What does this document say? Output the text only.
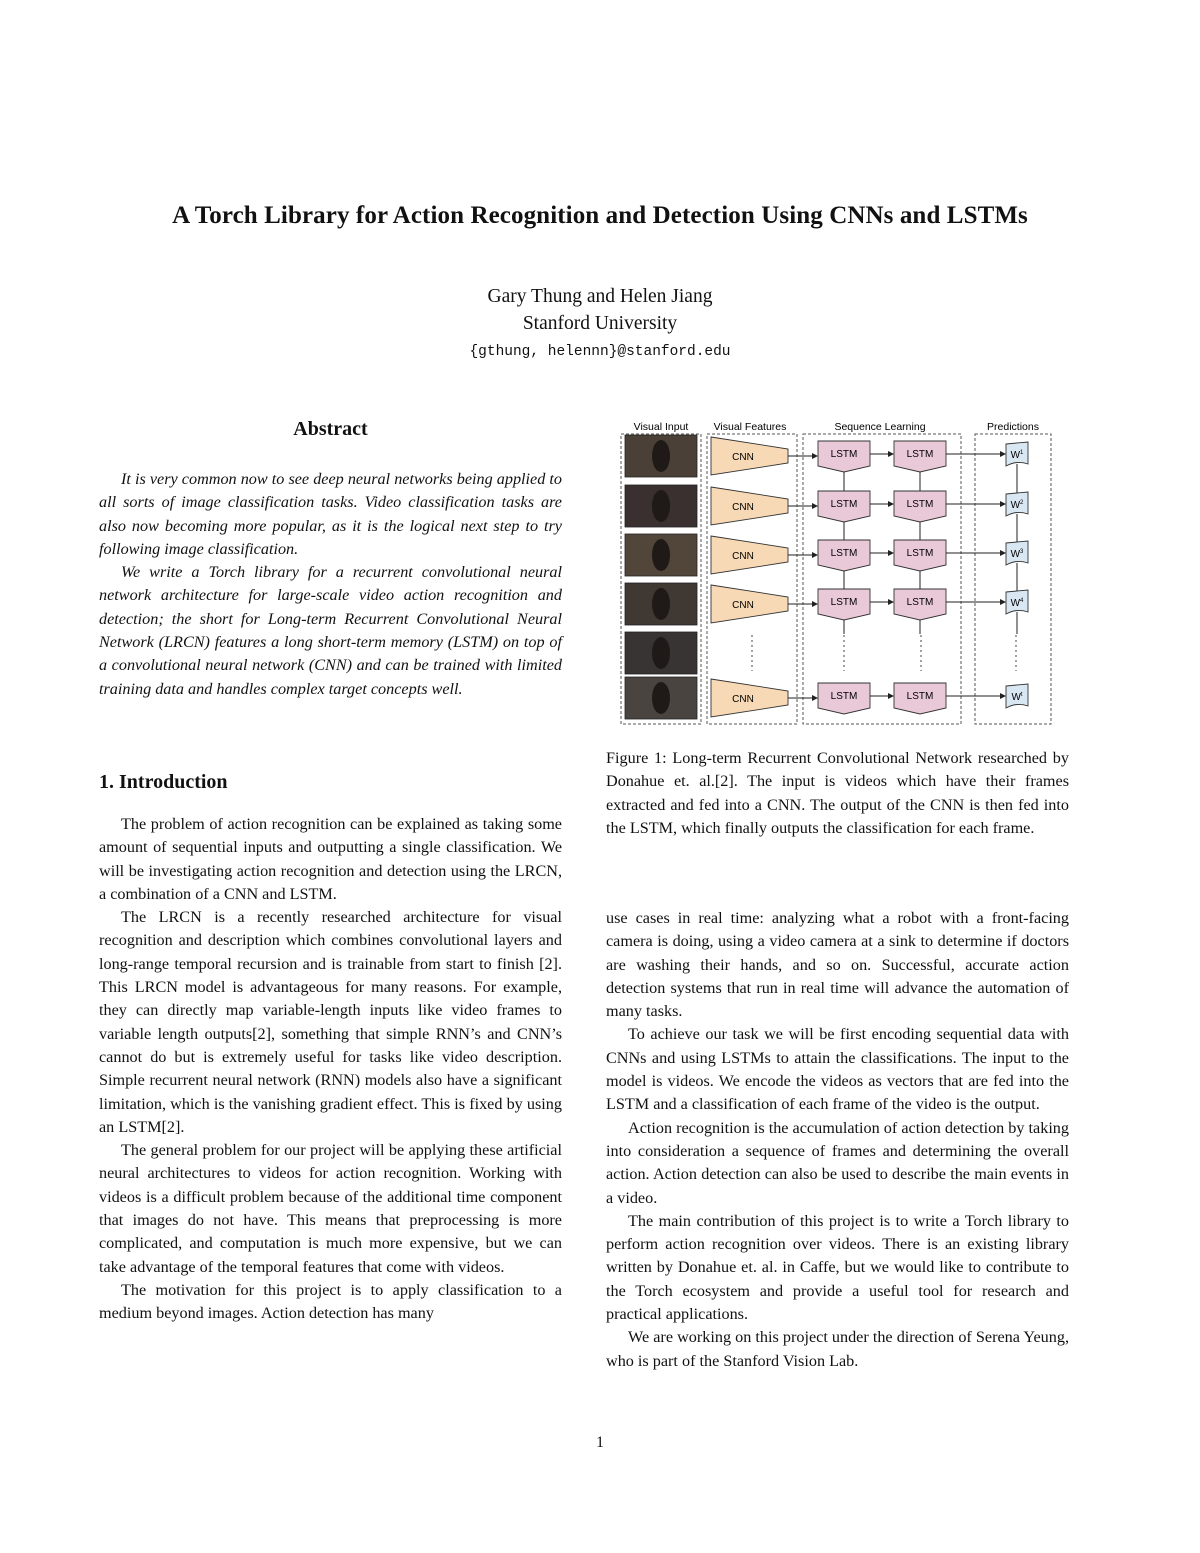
A Torch Library for Action Recognition and Detection Using CNNs and LSTMs
Gary Thung and Helen Jiang
Stanford University
{gthung, helennn}@stanford.edu
Abstract

It is very common now to see deep neural networks being applied to all sorts of image classification tasks. Video classification tasks are also now becoming more popular, as it is the logical next step to try following image classification.

We write a Torch library for a recurrent convolutional neural network architecture for large-scale video action recognition and detection; the short for Long-term Recurrent Convolutional Neural Network (LRCN) features a long short-term memory (LSTM) on top of a convolutional neural network (CNN) and can be trained with limited training data and handles complex target concepts well.

1. Introduction

The problem of action recognition can be explained as taking some amount of sequential inputs and outputting a single classification. We will be investigating action recognition and detection using the LRCN, a combination of a CNN and LSTM.

The LRCN is a recently researched architecture for visual recognition and description which combines convolutional layers and long-range temporal recursion and is trainable from start to finish [2]. This LRCN model is advantageous for many reasons. For example, they can directly map variable-length inputs like video frames to variable length outputs[2], something that simple RNN’s and CNN’s cannot do but is extremely useful for tasks like video description. Simple recurrent neural network (RNN) models also have a significant limitation, which is the vanishing gradient effect. This is fixed by using an LSTM[2].

The general problem for our project will be applying these artificial neural architectures to videos for action recognition. Working with videos is a difficult problem because of the additional time component that images do not have. This means that preprocessing is more complicated, and computation is much more expensive, but we can take advantage of the temporal features that come with videos.

The motivation for this project is to apply classification to a medium beyond images. Action detection has many

Visual Input Visual Features	Sequence Learning	Predictions
CNN	LSTM	LSTM	$W^1$
CNN	LSTM	LSTM	$W^2$
CNN	LSTM	LSTM	$W^3$
CNN	LSTM	LSTM	$W^4$
CNN	LSTM	LSTM	$W^t$

Figure 1: Long-term Recurrent Convolutional Network researched by Donahue et. al.[2]. The input is videos which have their frames extracted and fed into a CNN. The output of the CNN is then fed into the LSTM, which finally outputs the classification for each frame.

use cases in real time: analyzing what a robot with a front-facing camera is doing, using a video camera at a sink to determine if doctors are washing their hands, and so on. Successful, accurate action detection systems that run in real time will advance the automation of many tasks.

To achieve our task we will be first encoding sequential data with CNNs and using LSTMs to attain the classifications. The input to the model is videos. We encode the videos as vectors that are fed into the LSTM and a classification of each frame of the video is the output.

Action recognition is the accumulation of action detection by taking into consideration a sequence of frames and determining the overall action. Action detection can also be used to describe the main events in a video.

The main contribution of this project is to write a Torch library to perform action recognition over videos. There is an existing library written by Donahue et. al. in Caffe, but we would like to contribute to the Torch ecosystem and provide a useful tool for research and practical applications.

We are working on this project under the direction of Serena Yeung, who is part of the Stanford Vision Lab.

1
